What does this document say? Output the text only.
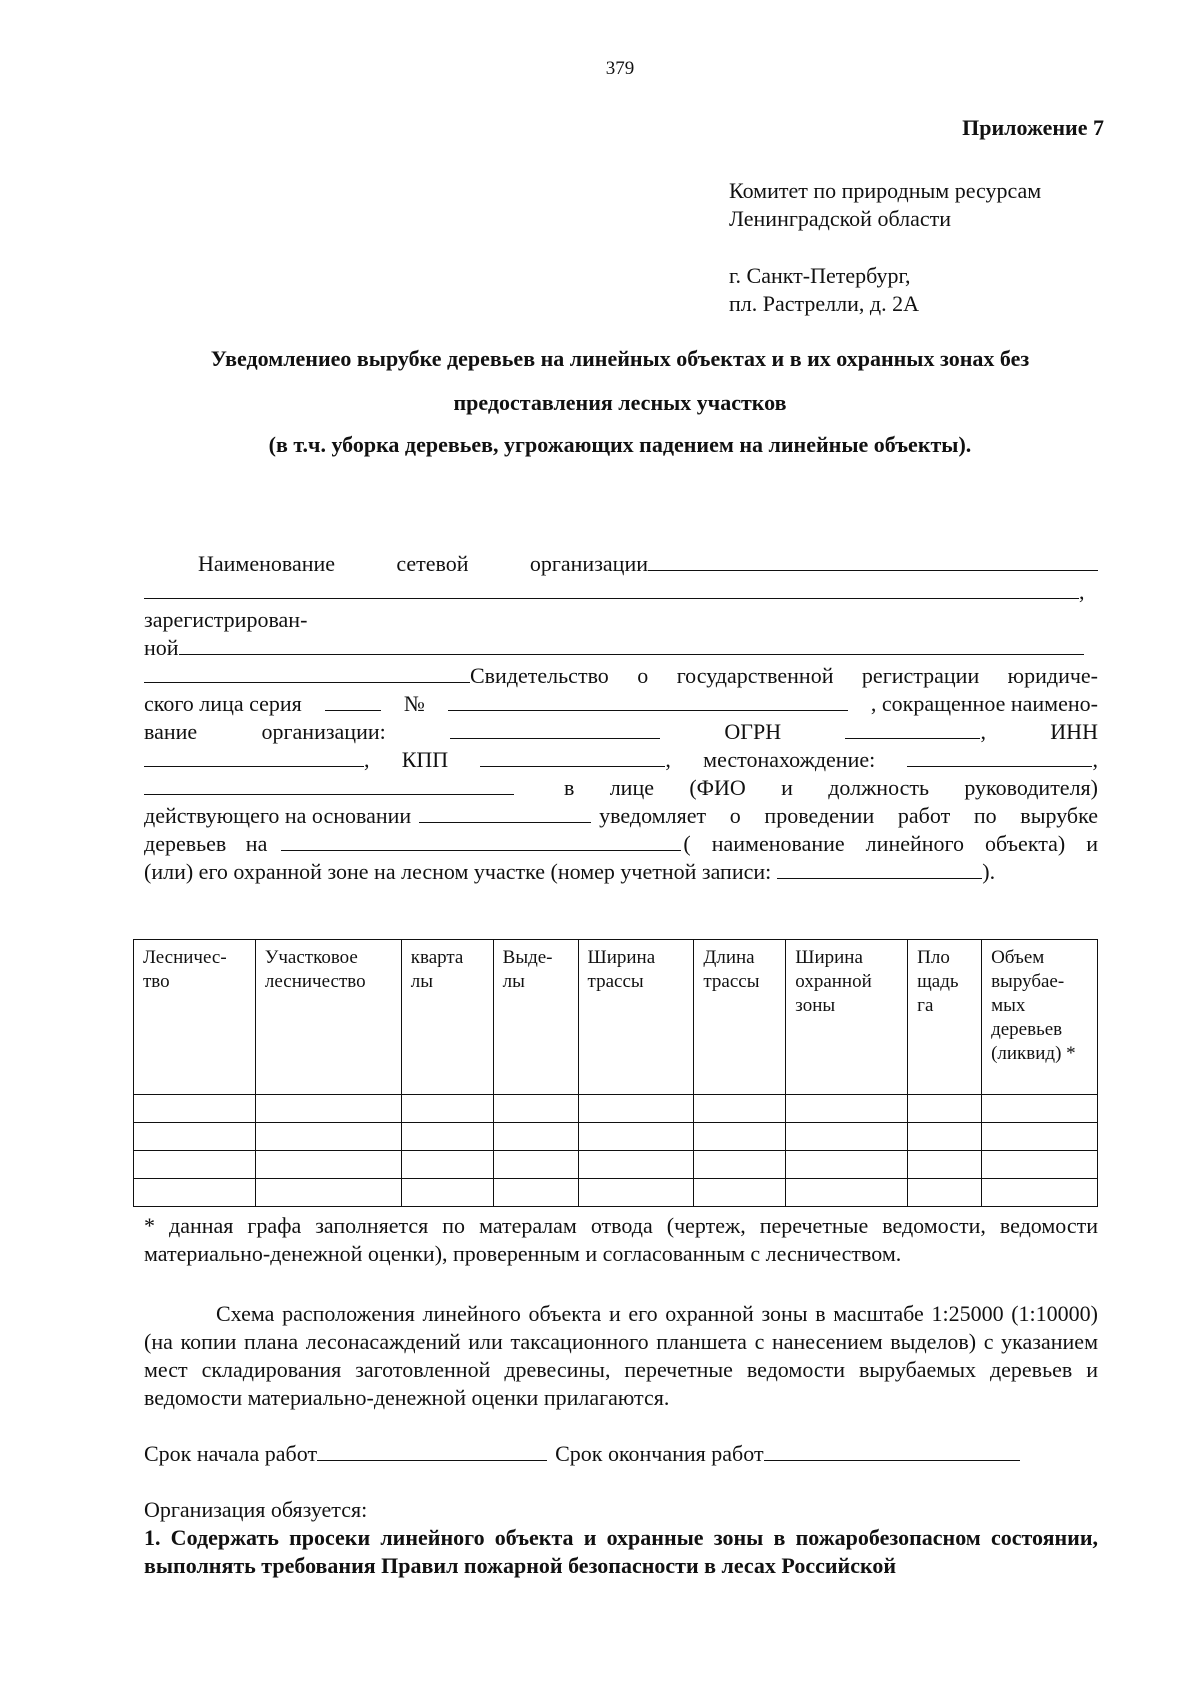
379
Приложение 7
Комитет по природным ресурсам
Ленинградской области
г. Санкт-Петербург,
пл. Растрелли, д. 2А
Уведомлениео вырубке деревьев на линейных объектах и в их охранных зонах без
предоставления лесных участков
(в т.ч. уборка деревьев, угрожающих падением на линейные объекты).
Наименование	сетевой	организации
,
зарегистрирован-
ной
Свидетельство о государственной регистрации юридиче-
ского лица серия	№	, сокращенное наимено-
вание	организации:	ОГРН	,	ИНН
, КПП	, местонахождение:	,
в лице (ФИО и должность руководителя)
действующего на основании	уведомляет о проведении работ по вырубке
деревьев на	( наименование линейного объекта) и
(или) его охранной зоне на лесном участке (номер учетной записи:	).
Лесничес-тво	Участковое лесничество	кварта лы	Выде-лы	Ширина трассы	Длина трассы	Ширина охранной зоны	Пло щадь га	Объем вырубае-мых деревьев (ликвид) *

* данная графа заполняется по матерaлам отвода (чертеж, перечетные ведомости, ведомости материально-денежной оценки), проверенным и согласованным с лесничеством.
Схема расположения линейного объекта и его охранной зоны в масштабе 1:25000 (1:10000) (на копии плана лесонасаждений или таксационного планшета с нанесением выделов) с указанием мест складирования заготовленной древесины, перечетные ведомости вырубаемых деревьев и ведомости материально-денежной оценки прилагаются.
Срок начала работ	Срок окончания работ
Организация обязуется:
1. Содержать просеки линейного объекта и охранные зоны в пожаробезопасном состоянии, выполнять требования Правил пожарной безопасности в лесах Российской
